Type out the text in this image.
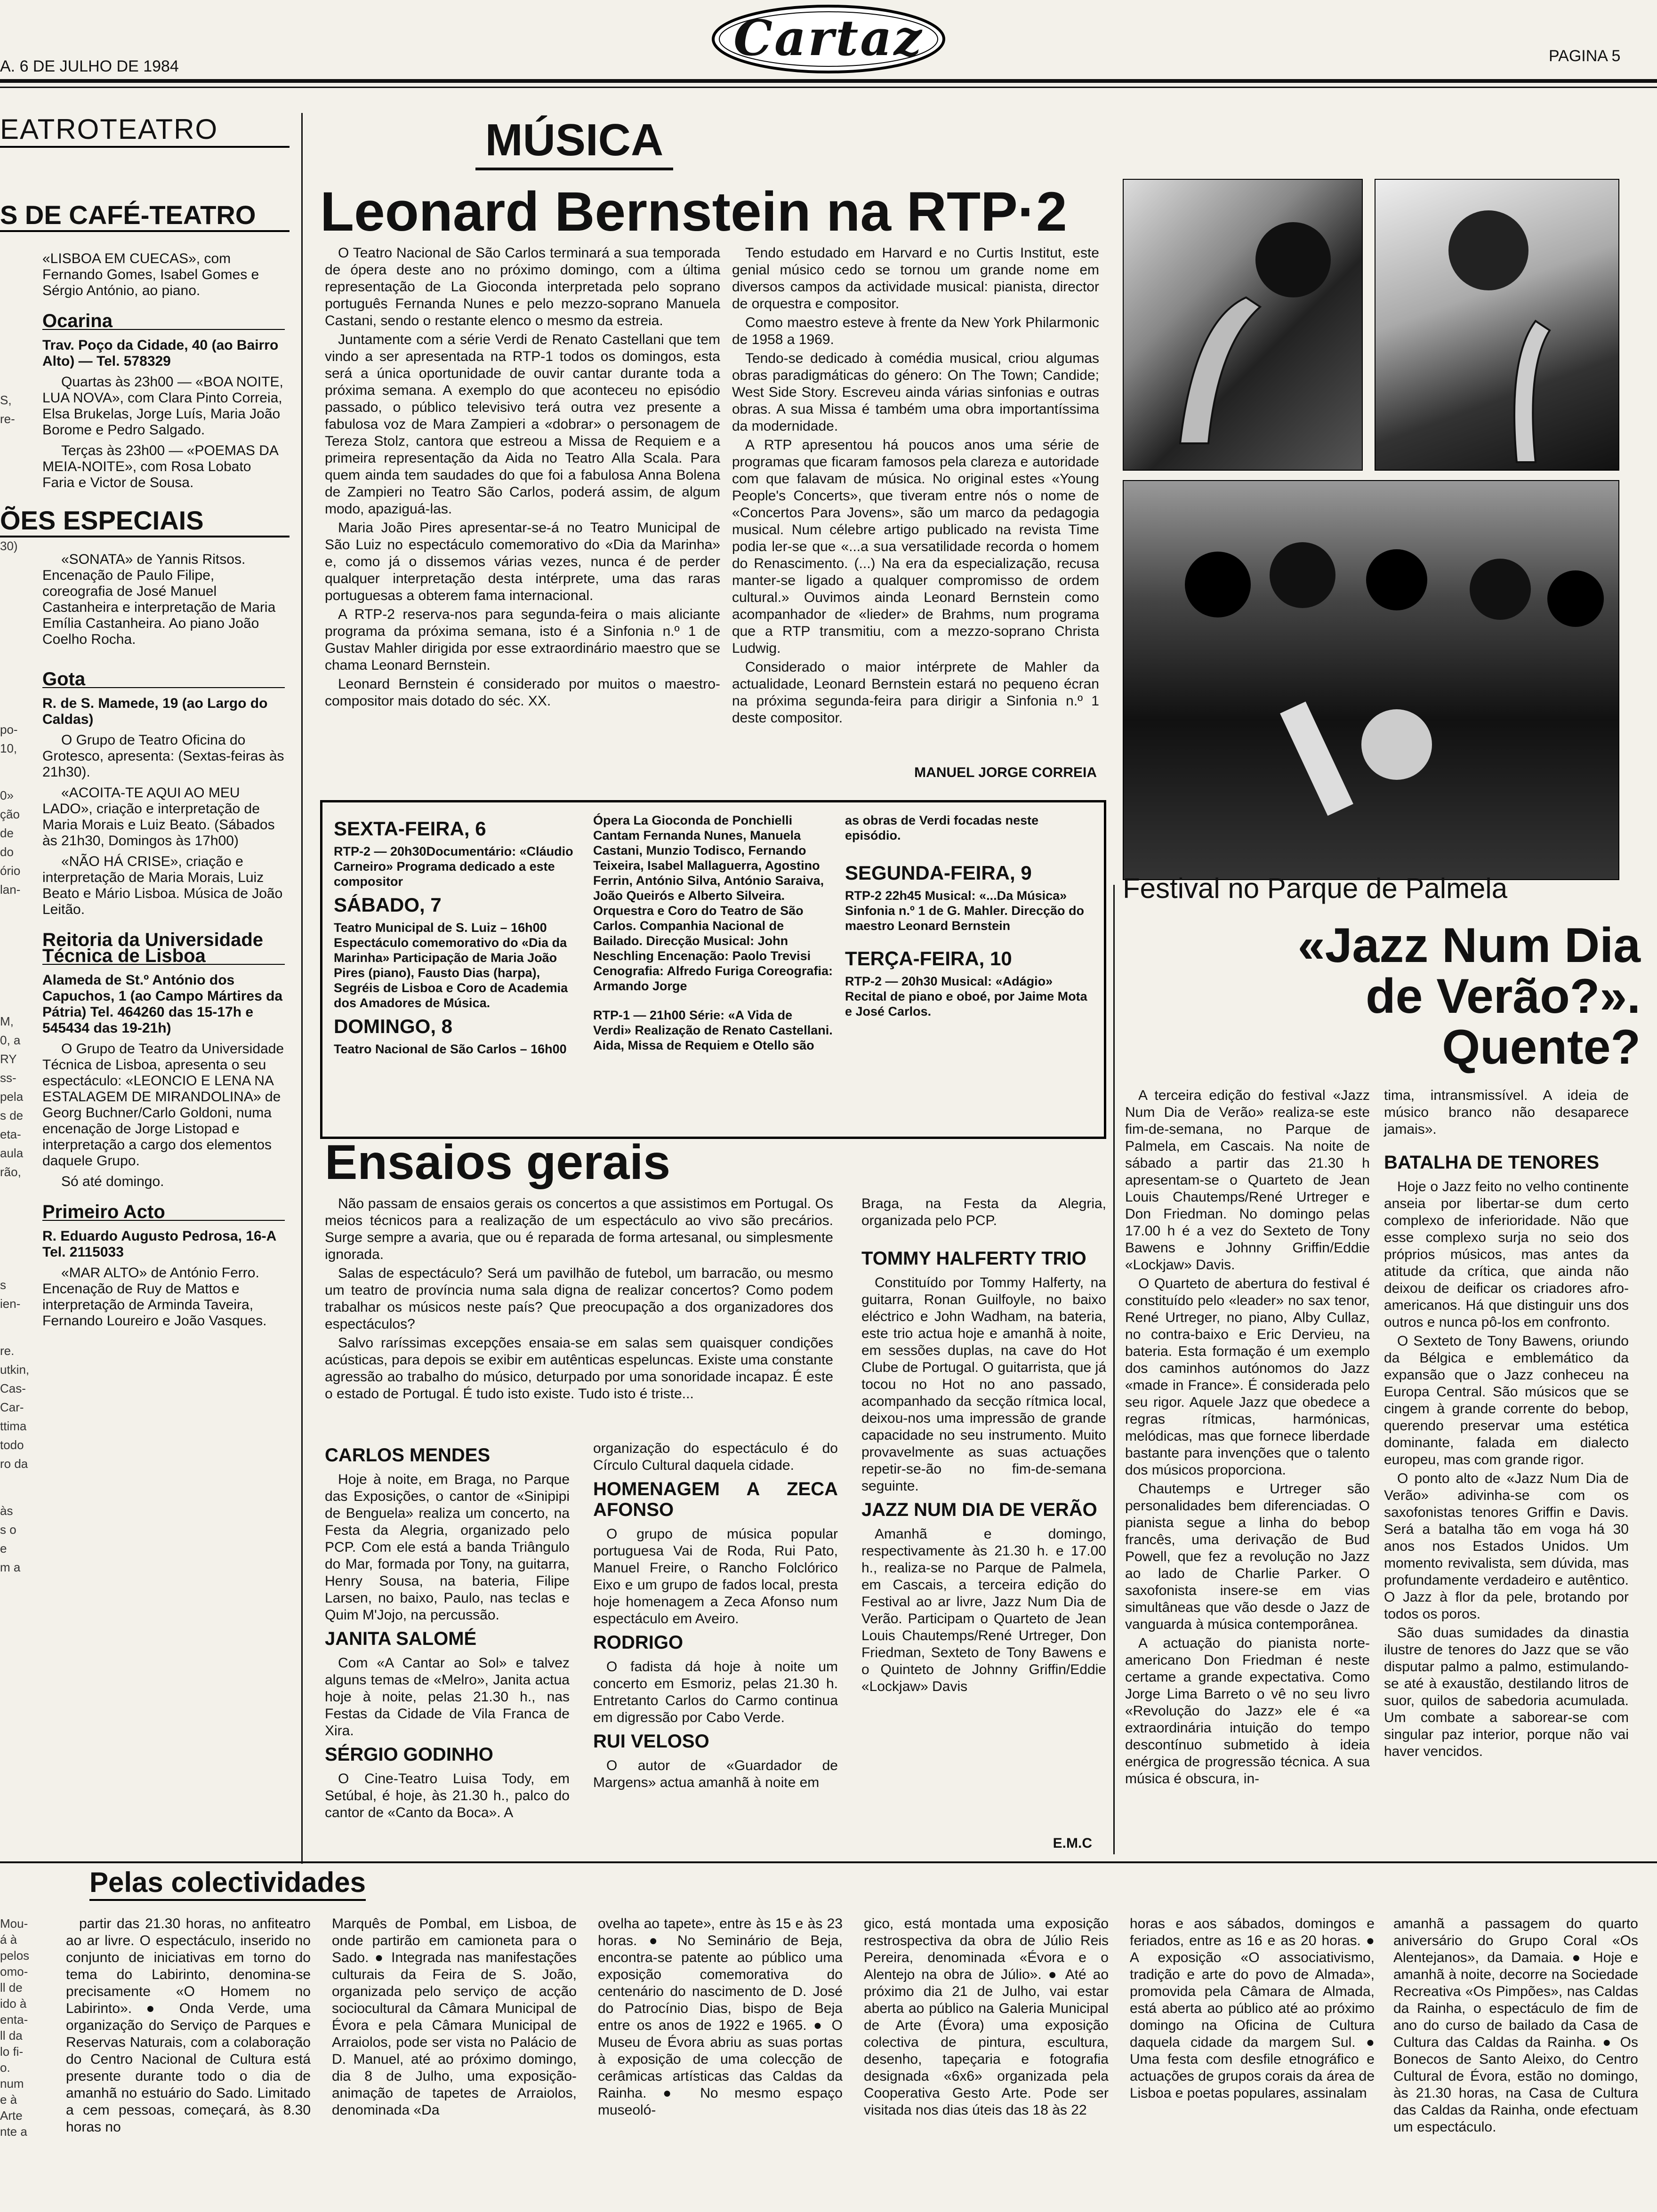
A. 6 DE JULHO DE 1984	Cartaz	PAGINA 5
EATROTEATRO
S DE CAFÉ-TEATRO

«LISBOA EM CUECAS», com Fernando Gomes, Isabel Gomes e Sérgio António, ao piano.

Ocarina

Trav. Poço da Cidade, 40 (ao Bairro Alto) — Tel. 578329

Quartas às 23h00 — «BOA NOITE, LUA NOVA», com Clara Pinto Correia, Elsa Brukelas, Jorge Luís, Maria João Borome e Pedro Salgado.

Terças às 23h00 — «POEMAS DA MEIA-NOITE», com Rosa Lobato Faria e Victor de Sousa.

ÕES ESPECIAIS

«SONATA» de Yannis Ritsos. Encenação de Paulo Filipe, coreografia de José Manuel Castanheira e interpretação de Maria Emília Castanheira. Ao piano João Coelho Rocha.

Gota

R. de S. Mamede, 19 (ao Largo do Caldas)

O Grupo de Teatro Oficina do Grotesco, apresenta: (Sextas-feiras às 21h30).

«ACOITA-TE AQUI AO MEU LADO», criação e interpretação de Maria Morais e Luiz Beato. (Sábados às 21h30, Domingos às 17h00)

«NÃO HÁ CRISE», criação e interpretação de Maria Morais, Luiz Beato e Mário Lisboa. Música de João Leitão.

Reitoria da Universidade Técnica de Lisboa

Alameda de St.º António dos Capuchos, 1 (ao Campo Mártires da Pátria) Tel. 464260 das 15-17h e 545434 das 19-21h)

O Grupo de Teatro da Universidade Técnica de Lisboa, apresenta o seu espectáculo: «LEONCIO E LENA NA ESTALAGEM DE MIRANDOLINA» de Georg Buchner/Carlo Goldoni, numa encenação de Jorge Listopad e interpretação a cargo dos elementos daquele Grupo.

Só até domingo.

Primeiro Acto

R. Eduardo Augusto Pedrosa, 16-A Tel. 2115033

«MAR ALTO» de António Ferro. Encenação de Ruy de Mattos e interpretação de Arminda Taveira, Fernando Loureiro e João Vasques.

S,
re-
30)
po-
10,
0»
ção
de
do
ório
lan-
M,
0, a
RY
ss-
pela
s de
eta-
aula
rão,
s
ien-
re.
utkin,
Cas-
Car-
ttima
todo
ro da
às
s o
e
m a
MÚSICA
Leonard Bernstein na RTP·2

O Teatro Nacional de São Carlos terminará a sua temporada de ópera deste ano no próximo domingo, com a última representação de La Gioconda interpretada pelo soprano português Fernanda Nunes e pelo mezzo-soprano Manuela Castani, sendo o restante elenco o mesmo da estreia.

Juntamente com a série Verdi de Renato Castellani que tem vindo a ser apresentada na RTP-1 todos os domingos, esta será a única oportunidade de ouvir cantar durante toda a próxima semana. A exemplo do que aconteceu no episódio passado, o público televisivo terá outra vez presente a fabulosa voz de Mara Zampieri a «dobrar» o personagem de Tereza Stolz, cantora que estreou a Missa de Requiem e a primeira representação da Aida no Teatro Alla Scala. Para quem ainda tem saudades do que foi a fabulosa Anna Bolena de Zampieri no Teatro São Carlos, poderá assim, de algum modo, apaziguá-las.

Maria João Pires apresentar-se-á no Teatro Municipal de São Luiz no espectáculo comemorativo do «Dia da Marinha» e, como já o dissemos várias vezes, nunca é de perder qualquer interpretação desta intérprete, uma das raras portuguesas a obterem fama internacional.

A RTP-2 reserva-nos para segunda-feira o mais aliciante programa da próxima semana, isto é a Sinfonia n.º 1 de Gustav Mahler dirigida por esse extraordinário maestro que se chama Leonard Bernstein.

Leonard Bernstein é considerado por muitos o maestro-compositor mais dotado do séc. XX.

Tendo estudado em Harvard e no Curtis Institut, este genial músico cedo se tornou um grande nome em diversos campos da actividade musical: pianista, director de orquestra e compositor.

Como maestro esteve à frente da New York Philarmonic de 1958 a 1969.

Tendo-se dedicado à comédia musical, criou algumas obras paradigmáticas do género: On The Town; Candide; West Side Story. Escreveu ainda várias sinfonias e outras obras. A sua Missa é também uma obra importantíssima da modernidade.

A RTP apresentou há poucos anos uma série de programas que ficaram famosos pela clareza e autoridade com que falavam de música. No original estes «Young People's Concerts», que tiveram entre nós o nome de «Concertos Para Jovens», são um marco da pedagogia musical. Num célebre artigo publicado na revista Time podia ler-se que «...a sua versatilidade recorda o homem do Renascimento. (...) Na era da especialização, recusa manter-se ligado a qualquer compromisso de ordem cultural.» Ouvimos ainda Leonard Bernstein como acompanhador de «lieder» de Brahms, num programa que a RTP transmitiu, com a mezzo-soprano Christa Ludwig.

Considerado o maior intérprete de Mahler da actualidade, Leonard Bernstein estará no pequeno écran na próxima segunda-feira para dirigir a Sinfonia n.º 1 deste compositor.

MANUEL JORGE CORREIA
SEXTA-FEIRA, 6
RTP-2 — 20h30Documentário: «Cláudio Carneiro» Programa dedicado a este compositor
SÁBADO, 7
Teatro Municipal de S. Luiz – 16h00 Espectáculo comemorativo do «Dia da Marinha» Participação de Maria João Pires (piano), Fausto Dias (harpa), Segréis de Lisboa e Coro de Academia dos Amadores de Música.
DOMINGO, 8
Teatro Nacional de São Carlos – 16h00
Ópera La Gioconda de Ponchielli Cantam Fernanda Nunes, Manuela Castani, Munzio Todisco, Fernando Teixeira, Isabel Mallaguerra, Agostino Ferrin, António Silva, António Saraiva, João Queirós e Alberto Silveira. Orquestra e Coro do Teatro de São Carlos. Companhia Nacional de Bailado. Direcção Musical: John Neschling Encenação: Paolo Trevisi Cenografia: Alfredo Furiga Coreografia: Armando Jorge
RTP-1 — 21h00 Série: «A Vida de Verdi» Realização de Renato Castellani. Aida, Missa de Requiem e Otello são
as obras de Verdi focadas neste episódio.
SEGUNDA-FEIRA, 9
RTP-2 22h45 Musical: «...Da Música» Sinfonia n.º 1 de G. Mahler. Direcção do maestro Leonard Bernstein
TERÇA-FEIRA, 10
RTP-2 — 20h30 Musical: «Adágio» Recital de piano e oboé, por Jaime Mota e José Carlos.
Ensaios gerais

Não passam de ensaios gerais os concertos a que assistimos em Portugal. Os meios técnicos para a realização de um espectáculo ao vivo são precários. Surge sempre a avaria, que ou é reparada de forma artesanal, ou simplesmente ignorada.

Salas de espectáculo? Será um pavilhão de futebol, um barracão, ou mesmo um teatro de província numa sala digna de realizar concertos? Como podem trabalhar os músicos neste país? Que preocupação a dos organizadores dos espectáculos?

Salvo raríssimas excepções ensaia-se em salas sem quaisquer condições acústicas, para depois se exibir em autênticas espeluncas. Existe uma constante agressão ao trabalho do músico, deturpado por uma sonoridade incapaz. É este o estado de Portugal. É tudo isto existe. Tudo isto é triste...

CARLOS MENDES

Hoje à noite, em Braga, no Parque das Exposições, o cantor de «Sinipipi de Benguela» realiza um concerto, na Festa da Alegria, organizado pelo PCP. Com ele está a banda Triângulo do Mar, formada por Tony, na guitarra, Henry Sousa, na bateria, Filipe Larsen, no baixo, Paulo, nas teclas e Quim M'Jojo, na percussão.

JANITA SALOMÉ

Com «A Cantar ao Sol» e talvez alguns temas de «Melro», Janita actua hoje à noite, pelas 21.30 h., nas Festas da Cidade de Vila Franca de Xira.

SÉRGIO GODINHO

O Cine-Teatro Luisa Tody, em Setúbal, é hoje, às 21.30 h., palco do cantor de «Canto da Boca». A

organização do espectáculo é do Círculo Cultural daquela cidade.

HOMENAGEM A ZECA AFONSO

O grupo de música popular portuguesa Vai de Roda, Rui Pato, Manuel Freire, o Rancho Folclórico Eixo e um grupo de fados local, presta hoje homenagem a Zeca Afonso num espectáculo em Aveiro.

RODRIGO

O fadista dá hoje à noite um concerto em Esmoriz, pelas 21.30 h. Entretanto Carlos do Carmo continua em digressão por Cabo Verde.

RUI VELOSO

O autor de «Guardador de Margens» actua amanhã à noite em

Braga, na Festa da Alegria, organizada pelo PCP.

TOMMY HALFERTY TRIO

Constituído por Tommy Halferty, na guitarra, Ronan Guilfoyle, no baixo eléctrico e John Wadham, na bateria, este trio actua hoje e amanhã à noite, em sessões duplas, na cave do Hot Clube de Portugal. O guitarrista, que já tocou no Hot no ano passado, acompanhado da secção rítmica local, deixou-nos uma impressão de grande capacidade no seu instrumento. Muito provavelmente as suas actuações repetir-se-ão no fim-de-semana seguinte.

JAZZ NUM DIA DE VERÃO

Amanhã e domingo, respectivamente às 21.30 h. e 17.00 h., realiza-se no Parque de Palmela, em Cascais, a terceira edição do Festival ao ar livre, Jazz Num Dia de Verão. Participam o Quarteto de Jean Louis Chautemps/René Urtreger, Don Friedman, Sexteto de Tony Bawens e o Quinteto de Johnny Griffin/Eddie «Lockjaw» Davis

E.M.C
Festival no Parque de Palmela
«Jazz Num Dia
de Verão?».
Quente?

A terceira edição do festival «Jazz Num Dia de Verão» realiza-se este fim-de-semana, no Parque de Palmela, em Cascais. Na noite de sábado a partir das 21.30 h apresentam-se o Quarteto de Jean Louis Chautemps/René Urtreger e Don Friedman. No domingo pelas 17.00 h é a vez do Sexteto de Tony Bawens e Johnny Griffin/Eddie «Lockjaw» Davis.

O Quarteto de abertura do festival é constituído pelo «leader» no sax tenor, René Urtreger, no piano, Alby Cullaz, no contra-baixo e Eric Dervieu, na bateria. Esta formação é um exemplo dos caminhos autónomos do Jazz «made in France». É considerada pelo seu rigor. Aquele Jazz que obedece a regras rítmicas, harmónicas, melódicas, mas que fornece liberdade bastante para invenções que o talento dos músicos proporciona.

Chautemps e Urtreger são personalidades bem diferenciadas. O pianista segue a linha do bebop francês, uma derivação de Bud Powell, que fez a revolução no Jazz ao lado de Charlie Parker. O saxofonista insere-se em vias simultâneas que vão desde o Jazz de vanguarda à música contemporânea.

A actuação do pianista norte-americano Don Friedman é neste certame a grande expectativa. Como Jorge Lima Barreto o vê no seu livro «Revolução do Jazz» ele é «a extraordinária intuição do tempo descontínuo submetido à ideia enérgica de progressão técnica. A sua música é obscura, in-

tima, intransmissível. A ideia de músico branco não desaparece jamais».

BATALHA DE TENORES

Hoje o Jazz feito no velho continente anseia por libertar-se dum certo complexo de inferioridade. Não que esse complexo surja no seio dos próprios músicos, mas antes da atitude da crítica, que ainda não deixou de deificar os criadores afro-americanos. Há que distinguir uns dos outros e nunca pô-los em confronto.

O Sexteto de Tony Bawens, oriundo da Bélgica e emblemático da expansão que o Jazz conheceu na Europa Central. São músicos que se cingem à grande corrente do bebop, querendo preservar uma estética dominante, falada em dialecto europeu, mas com grande rigor.

O ponto alto de «Jazz Num Dia de Verão» adivinha-se com os saxofonistas tenores Griffin e Davis. Será a batalha tão em voga há 30 anos nos Estados Unidos. Um momento revivalista, sem dúvida, mas profundamente verdadeiro e autêntico. O Jazz à flor da pele, brotando por todos os poros.

São duas sumidades da dinastia ilustre de tenores do Jazz que se vão disputar palmo a palmo, estimulando-se até à exaustão, destilando litros de suor, quilos de sabedoria acumulada. Um combate a saborear-se com singular paz interior, porque não vai haver vencidos.

Pelas colectividades
Mou-
á à
pelos
omo-
ll de
ido à
enta-
ll da
lo fi-
o.
num
e à
Arte
nte a
partir das 21.30 horas, no anfiteatro ao ar livre. O espectáculo, inserido no conjunto de iniciativas em torno do tema do Labirinto, denomina-se precisamente «O Homem no Labirinto». ● Onda Verde, uma organização do Serviço de Parques e Reservas Naturais, com a colaboração do Centro Nacional de Cultura está presente durante todo o dia de amanhã no estuário do Sado. Limitado a cem pessoas, começará, às 8.30 horas no
Marquês de Pombal, em Lisboa, de onde partirão em camioneta para o Sado. ● Integrada nas manifestações culturais da Feira de S. João, organizada pelo serviço de acção sociocultural da Câmara Municipal de Évora e pela Câmara Municipal de Arraiolos, pode ser vista no Palácio de D. Manuel, até ao próximo domingo, dia 8 de Julho, uma exposição-animação de tapetes de Arraiolos, denominada «Da
ovelha ao tapete», entre às 15 e às 23 horas. ● No Seminário de Beja, encontra-se patente ao público uma exposição comemorativa do centenário do nascimento de D. José do Patrocínio Dias, bispo de Beja entre os anos de 1922 e 1965. ● O Museu de Évora abriu as suas portas à exposição de uma colecção de cerâmicas artísticas das Caldas da Rainha. ● No mesmo espaço museoló-
gico, está montada uma exposição restrospectiva da obra de Júlio Reis Pereira, denominada «Évora e o Alentejo na obra de Júlio». ● Até ao próximo dia 21 de Julho, vai estar aberta ao público na Galeria Municipal de Arte (Évora) uma exposição colectiva de pintura, escultura, desenho, tapeçaria e fotografia designada «6x6» organizada pela Cooperativa Gesto Arte. Pode ser visitada nos dias úteis das 18 às 22
horas e aos sábados, domingos e feriados, entre as 16 e as 20 horas. ● A exposição «O associativismo, tradição e arte do povo de Almada», promovida pela Câmara de Almada, está aberta ao público até ao próximo domingo na Oficina de Cultura daquela cidade da margem Sul. ● Uma festa com desfile etnográfico e actuações de grupos corais da área de Lisboa e poetas populares, assinalam
amanhã a passagem do quarto aniversário do Grupo Coral «Os Alentejanos», da Damaia. ● Hoje e amanhã à noite, decorre na Sociedade Recreativa «Os Pimpões», nas Caldas da Rainha, o espectáculo de fim de ano do curso de bailado da Casa de Cultura das Caldas da Rainha. ● Os Bonecos de Santo Aleixo, do Centro Cultural de Évora, estão no domingo, às 21.30 horas, na Casa de Cultura das Caldas da Rainha, onde efectuam um espectáculo.
